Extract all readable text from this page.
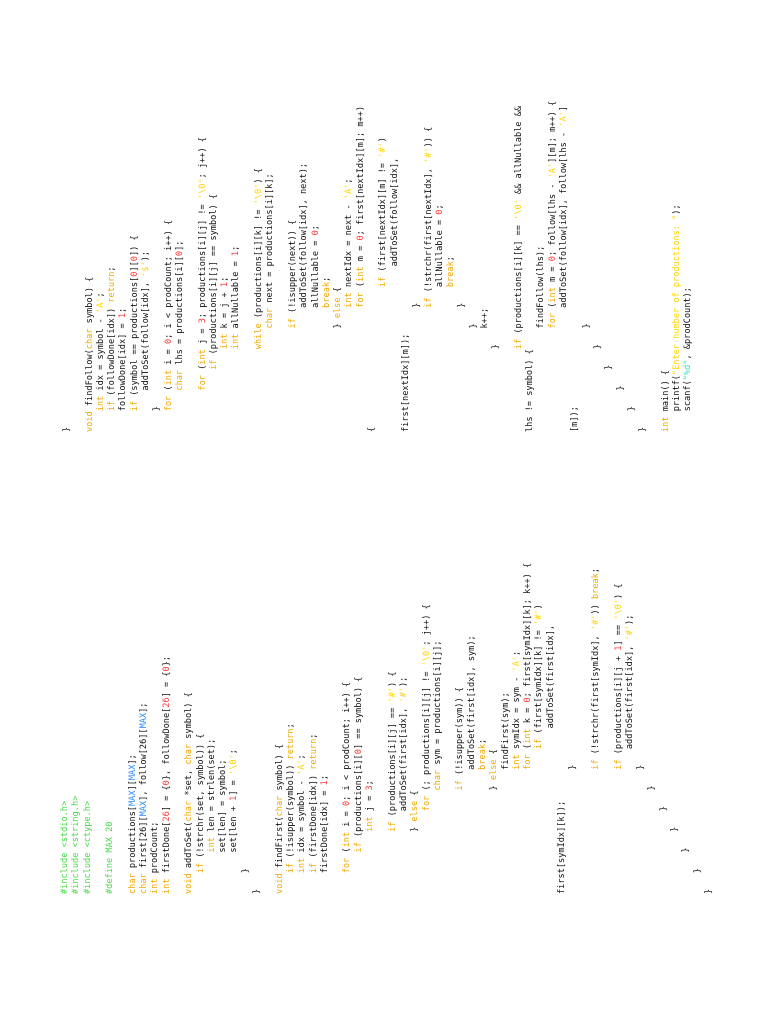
#include <stdio.h> #include <string.h> #include <ctype.h> #define MAX 20 char productions[MAX][MAX];
char first[26][MAX], follow[26][MAX];
int prodCount;
int firstDone[26] = {0}, followDone[26] = {0};
void addToSet(char *set, char symbol) {
if (!strchr(set, symbol)) { int len = strlen(set); set[len] = symbol; set[len + 1] = '\0';
} } void findFirst(char symbol) {
if (!isupper(symbol)) return;
int idx = symbol - 'A';
if (firstDone[idx]) return;
firstDone[idx] = 1;
for (int i = 0; i < prodCount; i++) {
if (productions[i][0] == symbol) {
int j = 3;
if (productions[i][j] == '#') {
addToSet(first[idx], '#');
} else { for (; productions[i][j] != '\0'; j++) {
char sym = productions[i][j];
if (!isupper(sym)) { addToSet(first[idx], sym); break;
} else { findFirst(sym); int symIdx = sym - 'A';
for (int k = 0; first[symIdx][k]; k++) {
if (first[symIdx][k] != '#')
addToSet(first[idx], first[symIdx][k]); }
if (!strchr(first[symIdx], '#')) break;
if (productions[i][j + 1] == '\0') {
addToSet(first[idx], '#');
} } } } } } }
} void findFollow(char symbol) {
int idx = symbol - 'A';
if (followDone[idx]) return;
followDone[idx] = 1;
if (symbol == productions[0][0]) {
addToSet(follow[idx], '$');
}
for (int i = 0; i < prodCount; i++) {
char lhs = productions[i][0];
for (int j = 3; productions[i][j] != '\0'; j++) {
if (productions[i][j] == symbol) { int k = j + 1;
int allNullable = 1;
while (productions[i][k] != '\0') {
char next = productions[i][k];
if (!isupper(next)) { addToSet(follow[idx], next); allNullable = 0;
break;
} else { int nextIdx = next - 'A';
for (int m = 0; first[nextIdx][m]; m++)
{
if (first[nextIdx][m] != '#')
addToSet(follow[idx], first[nextIdx][m]); }
if (!strchr(first[nextIdx], '#')) {
allNullable = 0;
break;
} } k++; }
if (productions[i][k] == '\0' && allNullable &&
lhs != symbol) { findFollow(lhs); for (int m = 0; follow[lhs - 'A'][m]; m++) { addToSet(follow[idx], follow[lhs - 'A']
[m]); } } } } } } int main() { printf("Enter number of productions: ");
scanf("%d", &prodCount);
